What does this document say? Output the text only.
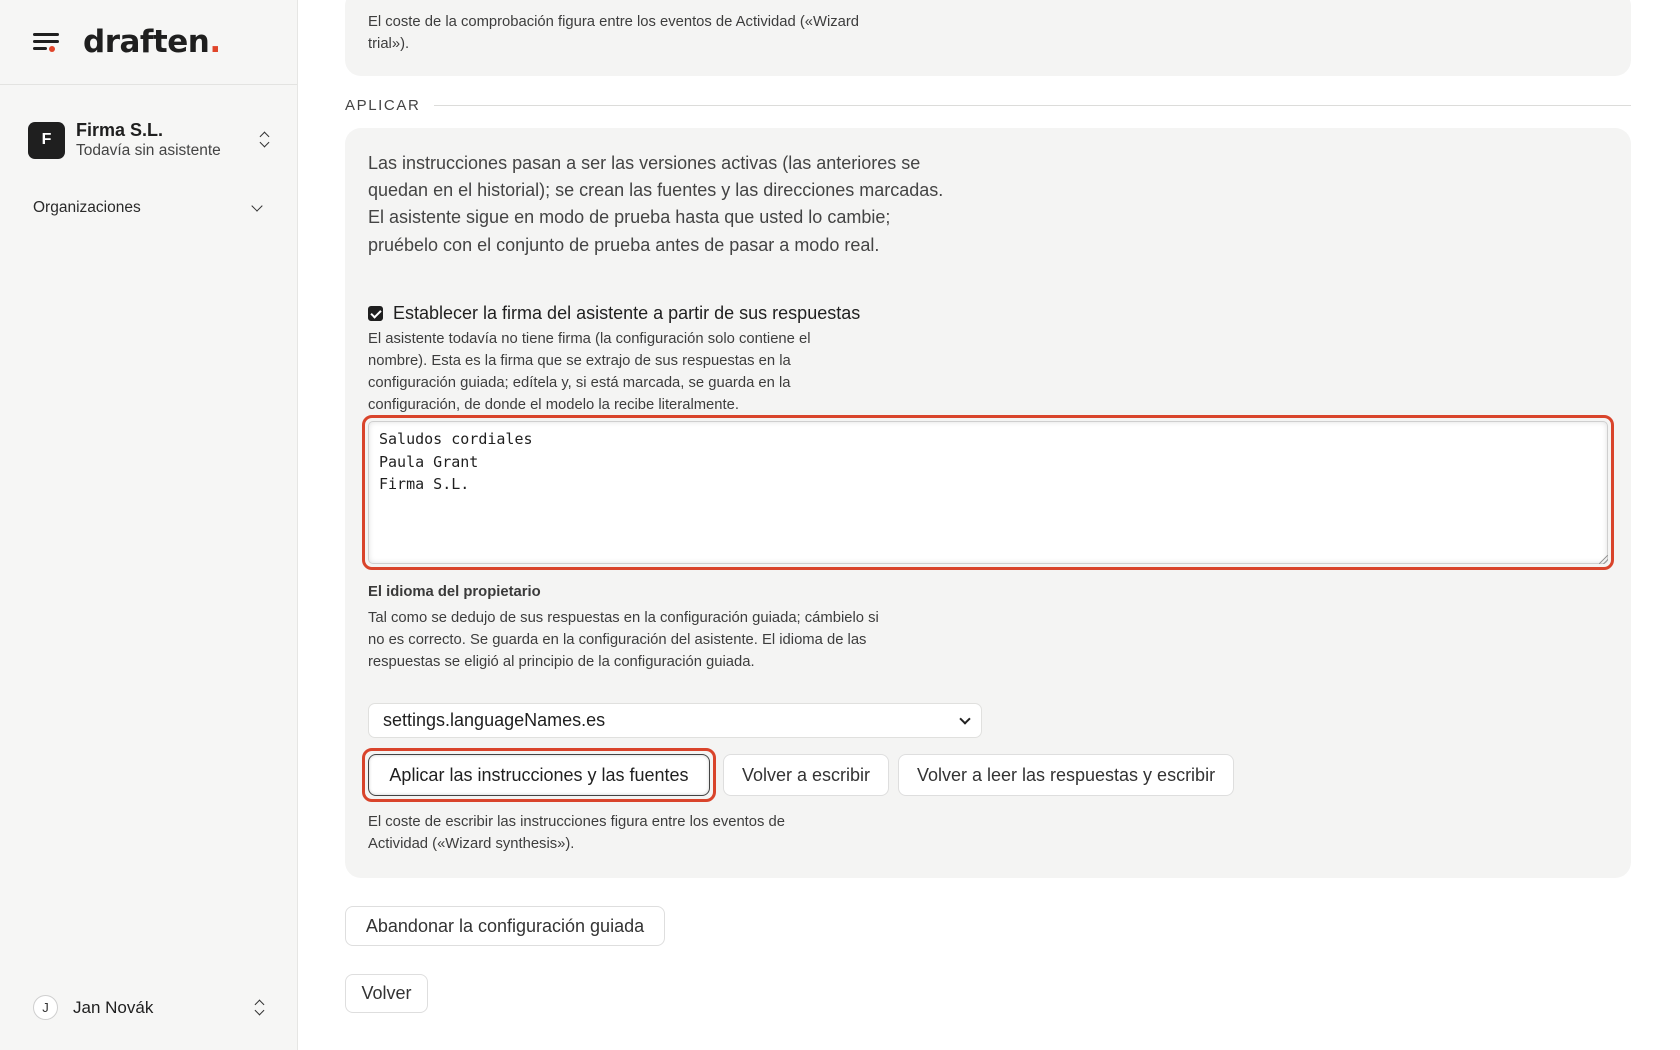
draften.
F	Firma S.L.
Todavía sin asistente
Organizaciones
J	Jan Novák

El coste de la comprobación figura entre los eventos de Actividad («Wizard trial»).

APLICAR

Las instrucciones pasan a ser las versiones activas (las anteriores se quedan en el historial); se crean las fuentes y las direcciones marcadas. El asistente sigue en modo de prueba hasta que usted lo cambie; pruébelo con el conjunto de prueba antes de pasar a modo real.

Establecer la firma del asistente a partir de sus respuestas

El asistente todavía no tiene firma (la configuración solo contiene el nombre). Esta es la firma que se extrajo de sus respuestas en la configuración guiada; edítela y, si está marcada, se guarda en la configuración, de donde el modelo la recibe literalmente.

Saludos cordiales
Paula Grant
Firma S.L.
El idioma del propietario

Tal como se dedujo de sus respuestas en la configuración guiada; cámbielo si no es correcto. Se guarda en la configuración del asistente. El idioma de las respuestas se eligió al principio de la configuración guiada.

settings.languageNames.es
Aplicar las instrucciones y las fuentes	Volver a escribir	Volver a leer las respuestas y escribir

El coste de escribir las instrucciones figura entre los eventos de Actividad («Wizard synthesis»).

Abandonar la configuración guiada
Volver
